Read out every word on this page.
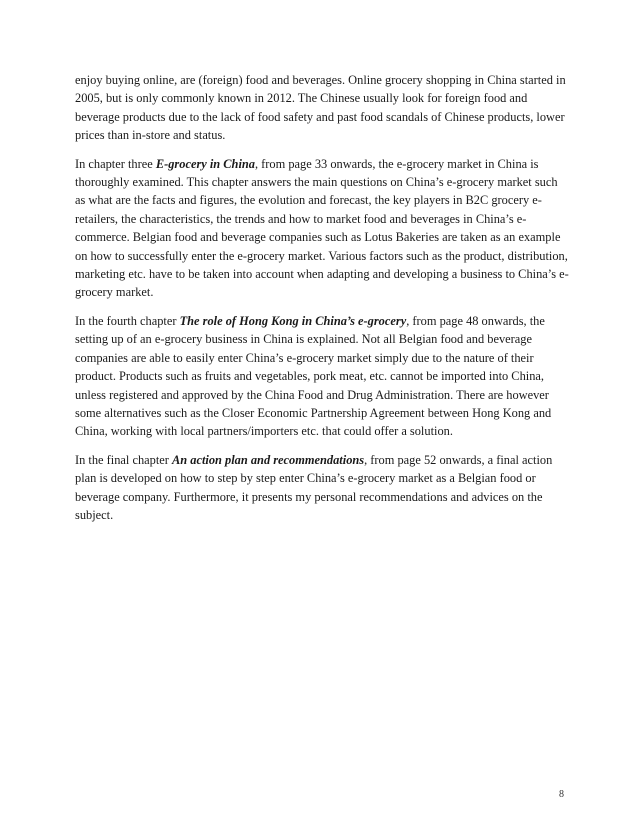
enjoy buying online, are (foreign) food and beverages. Online grocery shopping in China started in 2005, but is only commonly known in 2012. The Chinese usually look for foreign food and beverage products due to the lack of food safety and past food scandals of Chinese products, lower prices than in-store and status.

In chapter three E-grocery in China, from page 33 onwards, the e-grocery market in China is thoroughly examined. This chapter answers the main questions on China’s e-grocery market such as what are the facts and figures, the evolution and forecast, the key players in B2C grocery e-retailers, the characteristics, the trends and how to market food and beverages in China’s e-commerce. Belgian food and beverage companies such as Lotus Bakeries are taken as an example on how to successfully enter the e-grocery market. Various factors such as the product, distribution, marketing etc. have to be taken into account when adapting and developing a business to China’s e-grocery market.

In the fourth chapter The role of Hong Kong in China’s e-grocery, from page 48 onwards, the setting up of an e-grocery business in China is explained. Not all Belgian food and beverage companies are able to easily enter China’s e-grocery market simply due to the nature of their product. Products such as fruits and vegetables, pork meat, etc. cannot be imported into China, unless registered and approved by the China Food and Drug Administration. There are however some alternatives such as the Closer Economic Partnership Agreement between Hong Kong and China, working with local partners/importers etc. that could offer a solution.

In the final chapter An action plan and recommendations, from page 52 onwards, a final action plan is developed on how to step by step enter China’s e-grocery market as a Belgian food or beverage company. Furthermore, it presents my personal recommendations and advices on the subject.

8
